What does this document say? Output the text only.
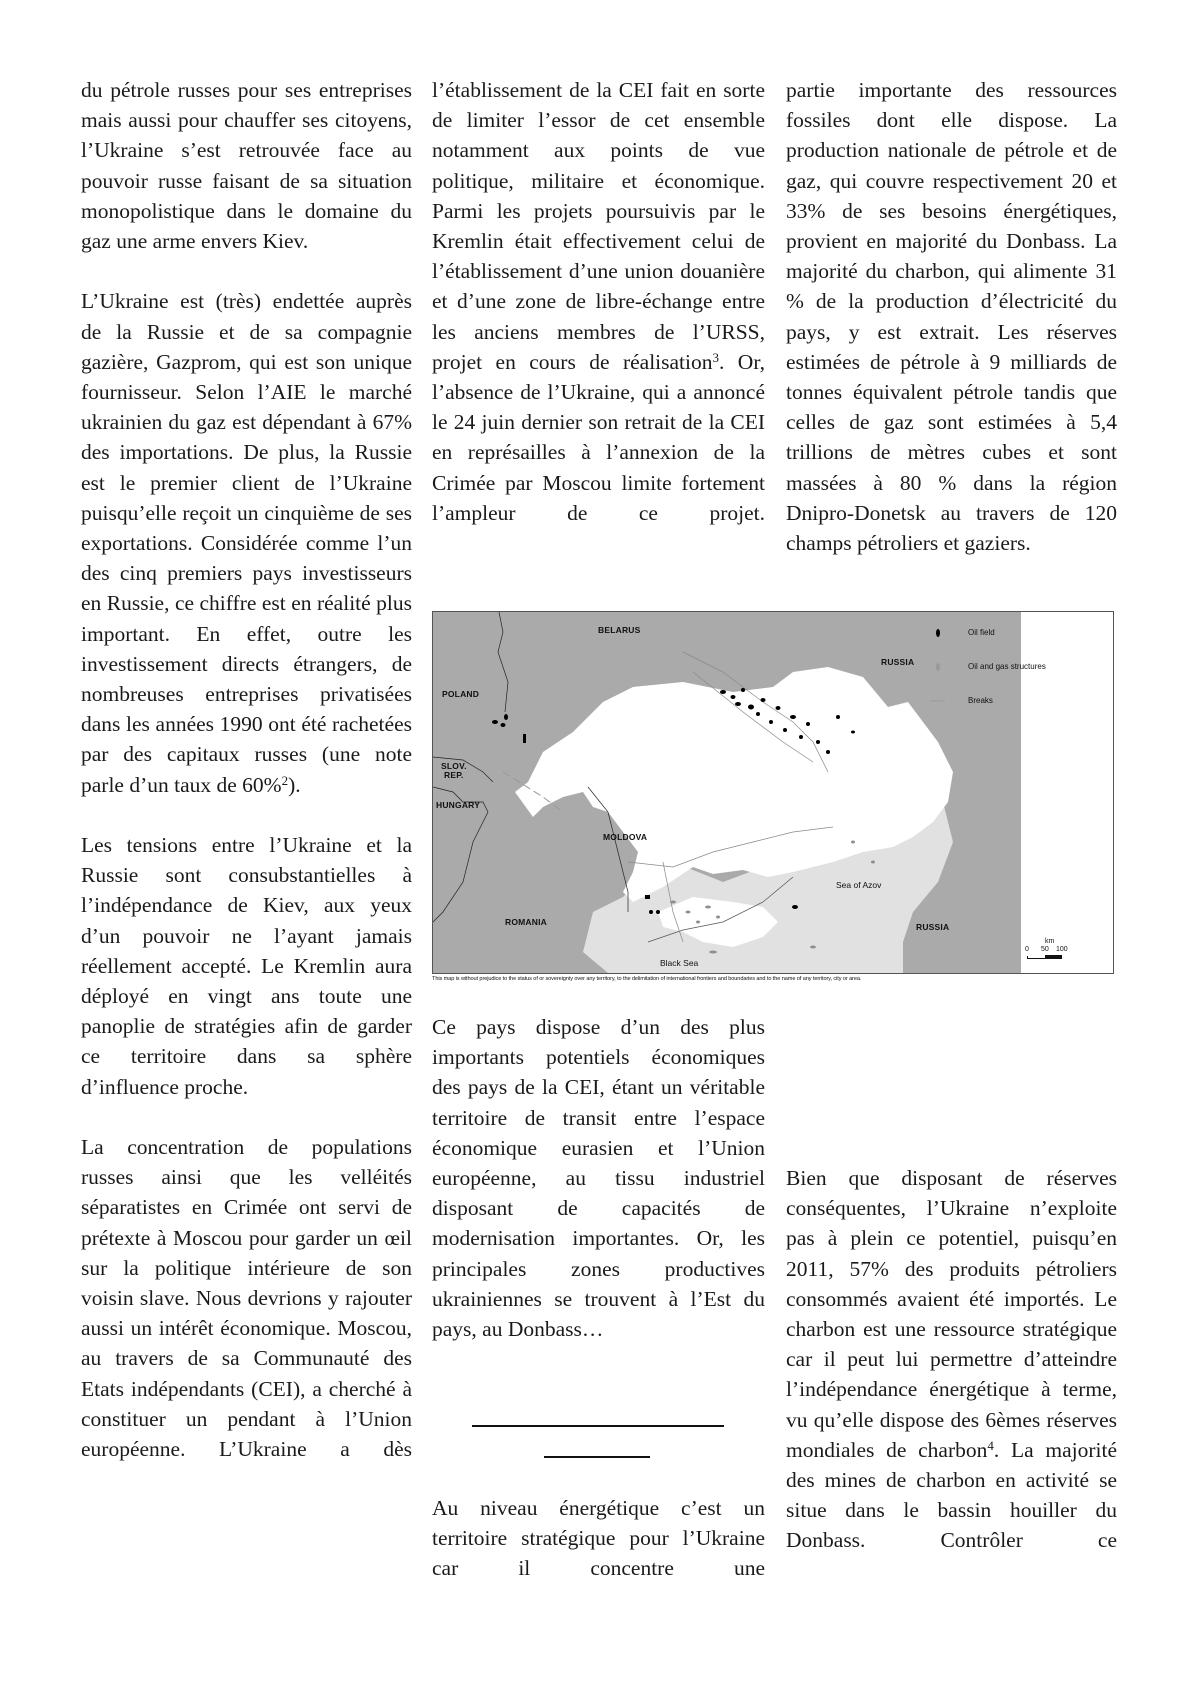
du pétrole russes pour ses entreprises mais aussi pour chauffer ses citoyens, l’Ukraine s’est retrouvée face au pouvoir russe faisant de sa situation monopolistique dans le domaine du gaz une arme envers Kiev.

L’Ukraine est (très) endettée auprès de la Russie et de sa compagnie gazière, Gazprom, qui est son unique fournisseur. Selon l’AIE le marché ukrainien du gaz est dépendant à 67% des importations. De plus, la Russie est le premier client de l’Ukraine puisqu’elle reçoit un cinquième de ses exportations. Considérée comme l’un des cinq premiers pays investisseurs en Russie, ce chiffre est en réalité plus important. En effet, outre les investissement directs étrangers, de nombreuses entreprises privatisées dans les années 1990 ont été rachetées par des capitaux russes (une note parle d’un taux de 60%$^2$).

Les tensions entre l’Ukraine et la Russie sont consubstantielles à l’indépendance de Kiev, aux yeux d’un pouvoir ne l’ayant jamais réellement accepté. Le Kremlin aura déployé en vingt ans toute une panoplie de stratégies afin de garder ce territoire dans sa sphère d’influence proche.

La concentration de populations russes ainsi que les velléités séparatistes en Crimée ont servi de prétexte à Moscou pour garder un œil sur la politique intérieure de son voisin slave. Nous devrions y rajouter aussi un intérêt économique. Moscou, au travers de sa Communauté des Etats indépendants (CEI), a cherché à constituer un pendant à l’Union européenne. L’Ukraine a dès

l’établissement de la CEI fait en sorte de limiter l’essor de cet ensemble notamment aux points de vue politique, militaire et économique. Parmi les projets poursuivis par le Kremlin était effectivement celui de l’établissement d’une union douanière et d’une zone de libre-échange entre les anciens membres de l’URSS, projet en cours de réalisation$^3$. Or, l’absence de l’Ukraine, qui a annoncé le 24 juin dernier son retrait de la CEI en représailles à l’annexion de la Crimée par Moscou limite fortement l’ampleur de ce projet.

partie importante des ressources fossiles dont elle dispose. La production nationale de pétrole et de gaz, qui couvre respectivement 20 et 33% de ses besoins énergétiques, provient en majorité du Donbass. La majorité du charbon, qui alimente 31 % de la production d’électricité du pays, y est extrait. Les réserves estimées de pétrole à 9 milliards de tonnes équivalent pétrole tandis que celles de gaz sont estimées à 5,4 trillions de mètres cubes et sont massées à 80 % dans la région Dnipro-Donetsk au travers de 120 champs pétroliers et gaziers.

BELARUS
RUSSIA
POLAND
SLOV.
REP.
HUNGARY
MOLDOVA
ROMANIA	RUSSIA
Sea of Azov
Black Sea
Oil field
Oil and gas structures
Breaks
km
0 50 100
This map is without prejudice to the status of or sovereignty over any territory, to the delimitation of international frontiers and boundaries and to the name of any territory, city or area.

Ce pays dispose d’un des plus importants potentiels économiques des pays de la CEI, étant un véritable territoire de transit entre l’espace économique eurasien et l’Union européenne, au tissu industriel disposant de capacités de modernisation importantes. Or, les principales zones productives ukrainiennes se trouvent à l’Est du pays, au Donbass…

Au niveau énergétique c’est un territoire stratégique pour l’Ukraine car il concentre une

Bien que disposant de réserves conséquentes, l’Ukraine n’exploite pas à plein ce potentiel, puisqu’en 2011, 57% des produits pétroliers consommés avaient été importés. Le charbon est une ressource stratégique car il peut lui permettre d’atteindre l’indépendance énergétique à terme, vu qu’elle dispose des 6èmes réserves mondiales de charbon$^4$. La majorité des mines de charbon en activité se situe dans le bassin houiller du Donbass. Contrôler ce
